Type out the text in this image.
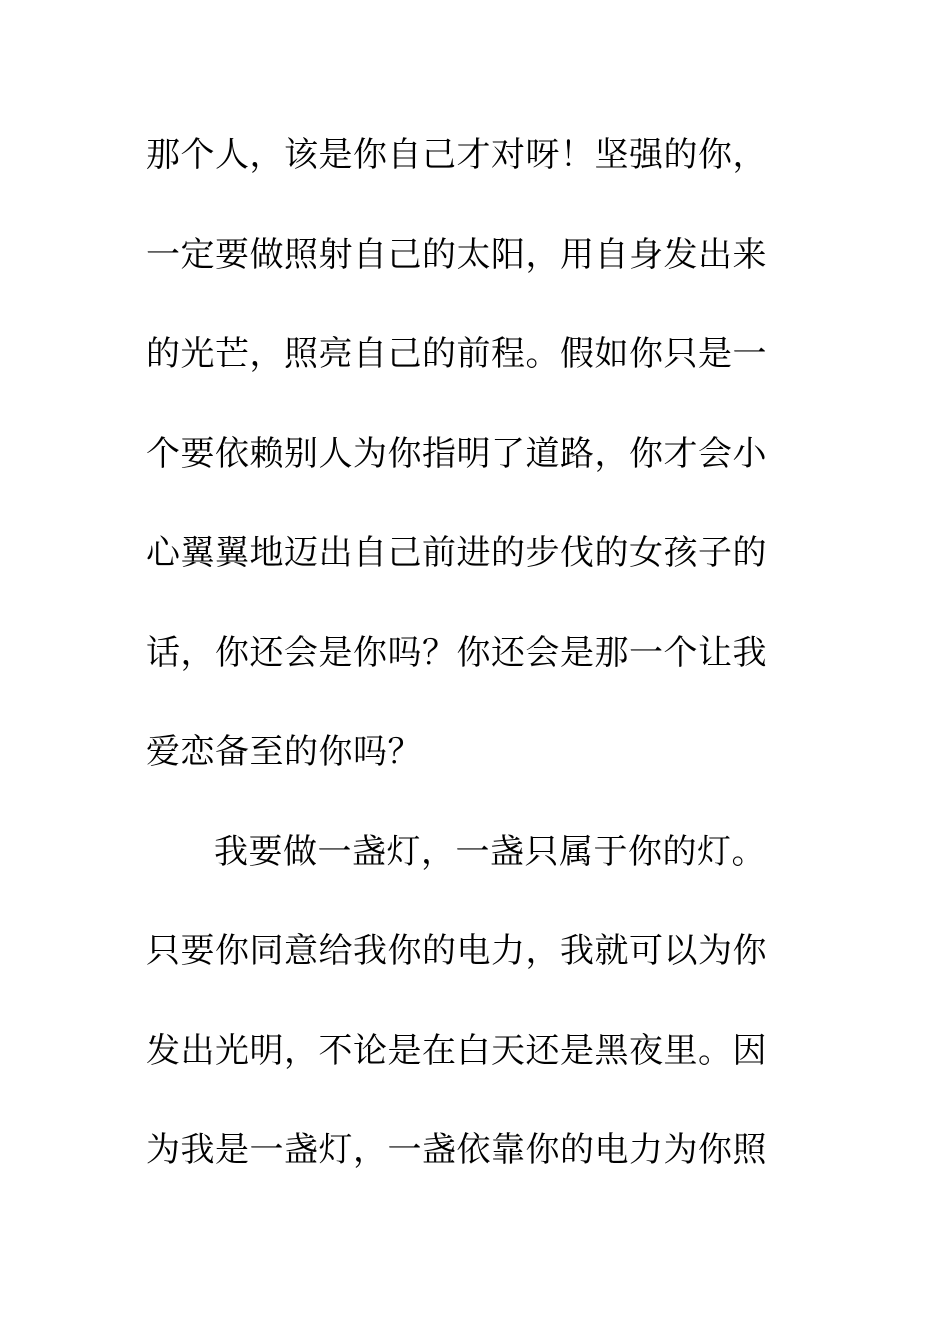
那个人，该是你自己才对呀！坚强的你，
一定要做照射自己的太阳，用自身发出来
的光芒，照亮自己的前程。假如你只是一
个要依赖别人为你指明了道路，你才会小
心翼翼地迈出自己前进的步伐的女孩子的
话，你还会是你吗？你还会是那一个让我
爱恋备至的你吗？
我要做一盏灯，一盏只属于你的灯。
只要你同意给我你的电力，我就可以为你
发出光明，不论是在白天还是黑夜里。因
为我是一盏灯，一盏依靠你的电力为你照
